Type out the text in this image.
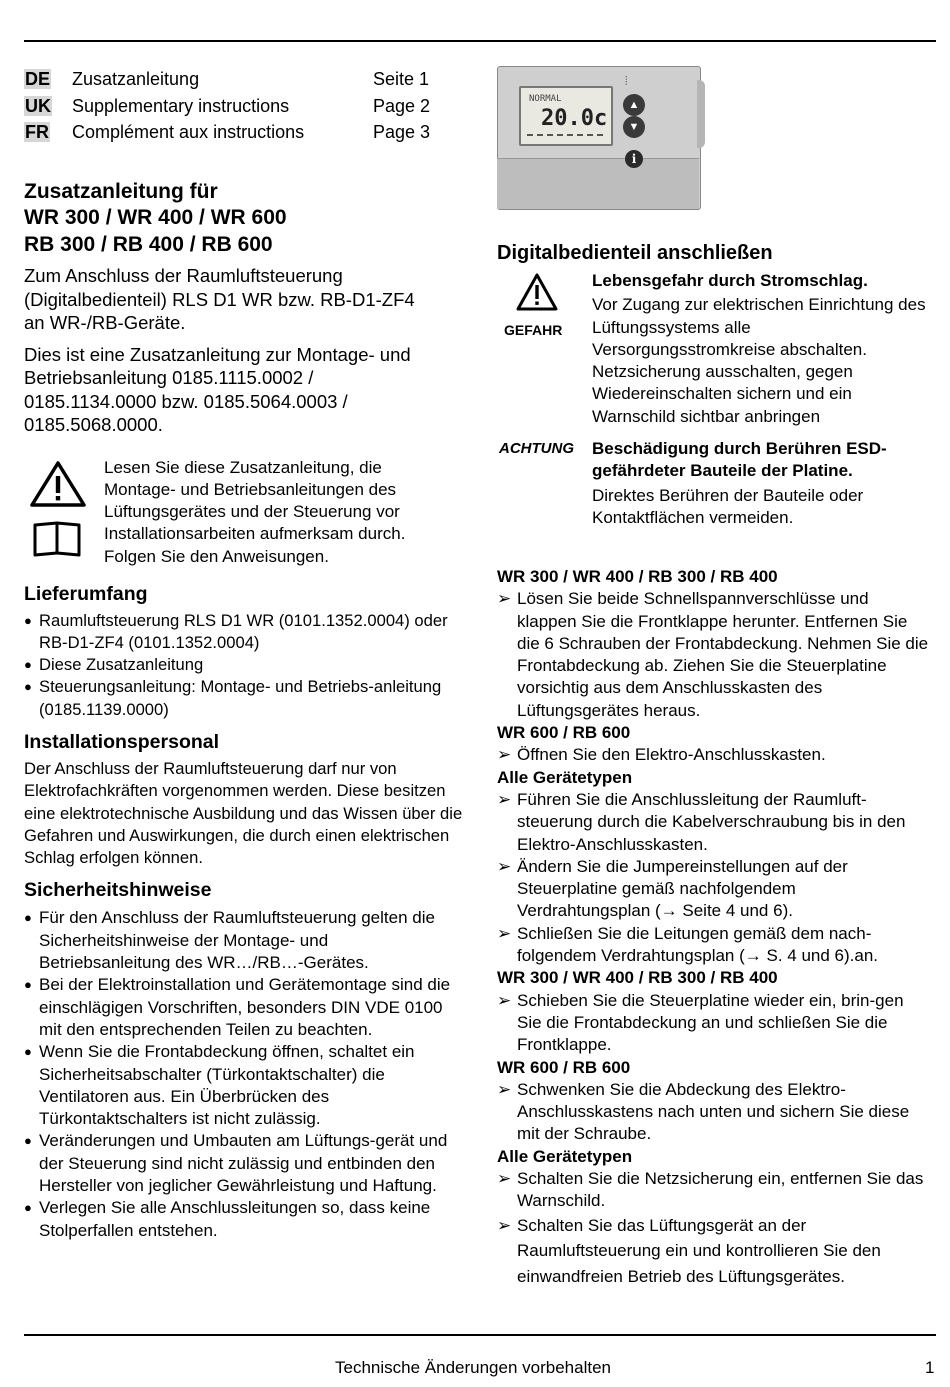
DE	Zusatzanleitung	Seite 1
UK	Supplementary instructions	Page 2
FR	Complément aux instructions	Page 3
Zusatzanleitung für
WR 300 / WR 400 / WR 600
RB 300 / RB 400 / RB 600

Zum Anschluss der Raumluftsteuerung (Digitalbedienteil) RLS D1 WR bzw. RB-D1-ZF4 an WR-/RB-Geräte.

Dies ist eine Zusatzanleitung zur Montage- und Betriebsanleitung 0185.1115.0002 / 0185.1134.0000 bzw. 0185.5064.0003 / 0185.5068.0000.

Lesen Sie diese Zusatzanleitung, die Montage- und Betriebsanleitungen des Lüftungsgerätes und der Steuerung vor Installationsarbeiten aufmerksam durch. Folgen Sie den Anweisungen.

Lieferumfang
● Raumluftsteuerung RLS D1 WR (0101.1352.0004) oder RB-D1-ZF4 (0101.1352.0004)
● Diese Zusatzanleitung
● Steuerungsanleitung: Montage- und Betriebs-anleitung (0185.1139.0000)
Installationspersonal

Der Anschluss der Raumluftsteuerung darf nur von Elektrofachkräften vorgenommen werden. Diese besitzen eine elektrotechnische Ausbildung und das Wissen über die Gefahren und Auswirkungen, die durch einen elektrischen Schlag erfolgen können.

Sicherheitshinweise
● Für den Anschluss der Raumluftsteuerung gelten die Sicherheitshinweise der Montage- und Betriebsanleitung des WR…/RB…-Gerätes.
● Bei der Elektroinstallation und Gerätemontage sind die einschlägigen Vorschriften, besonders DIN VDE 0100 mit den entsprechenden Teilen zu beachten.
● Wenn Sie die Frontabdeckung öffnen, schaltet ein Sicherheitsabschalter (Türkontaktschalter) die Ventilatoren aus. Ein Überbrücken des Türkontaktschalters ist nicht zulässig.
● Veränderungen und Umbauten am Lüftungs-gerät und der Steuerung sind nicht zulässig und entbinden den Hersteller von jeglicher Gewährleistung und Haftung.
● Verlegen Sie alle Anschlussleitungen so, dass keine Stolperfallen entstehen.
NORMAL
20.0c
⦙
▲
▼
i
Digitalbedienteil anschließen
GEFAHR
Lebensgefahr durch Stromschlag.

Vor Zugang zur elektrischen Einrichtung des Lüftungssystems alle Versorgungsstromkreise abschalten. Netzsicherung ausschalten, gegen Wiedereinschalten sichern und ein Warnschild sichtbar anbringen

ACHTUNG Beschädigung durch Berühren ESD-gefährdeter Bauteile der Platine.

Direktes Berühren der Bauteile oder Kontaktflächen vermeiden.

WR 300 / WR 400 / RB 300 / RB 400
➢ Lösen Sie beide Schnellspannverschlüsse und klappen Sie die Frontklappe herunter. Entfernen Sie die 6 Schrauben der Frontabdeckung. Nehmen Sie die Frontabdeckung ab. Ziehen Sie die Steuerplatine vorsichtig aus dem Anschlusskasten des Lüftungsgerätes heraus.
WR 600 / RB 600
➢ Öffnen Sie den Elektro-Anschlusskasten.
Alle Gerätetypen
➢ Führen Sie die Anschlussleitung der Raumluft-steuerung durch die Kabelverschraubung bis in den Elektro-Anschlusskasten.
➢ Ändern Sie die Jumpereinstellungen auf der Steuerplatine gemäß nachfolgendem Verdrahtungsplan (→ Seite 4 und 6).
➢ Schließen Sie die Leitungen gemäß dem nach-folgendem Verdrahtungsplan (→ S. 4 und 6).an.
WR 300 / WR 400 / RB 300 / RB 400
➢ Schieben Sie die Steuerplatine wieder ein, brin-gen Sie die Frontabdeckung an und schließen Sie die Frontklappe.
WR 600 / RB 600
➢ Schwenken Sie die Abdeckung des Elektro-Anschlusskastens nach unten und sichern Sie diese mit der Schraube.
Alle Gerätetypen
➢ Schalten Sie die Netzsicherung ein, entfernen Sie das Warnschild.
➢ Schalten Sie das Lüftungsgerät an der Raumluftsteuerung ein und kontrollieren Sie den einwandfreien Betrieb des Lüftungsgerätes.
Technische Änderungen vorbehalten	1
